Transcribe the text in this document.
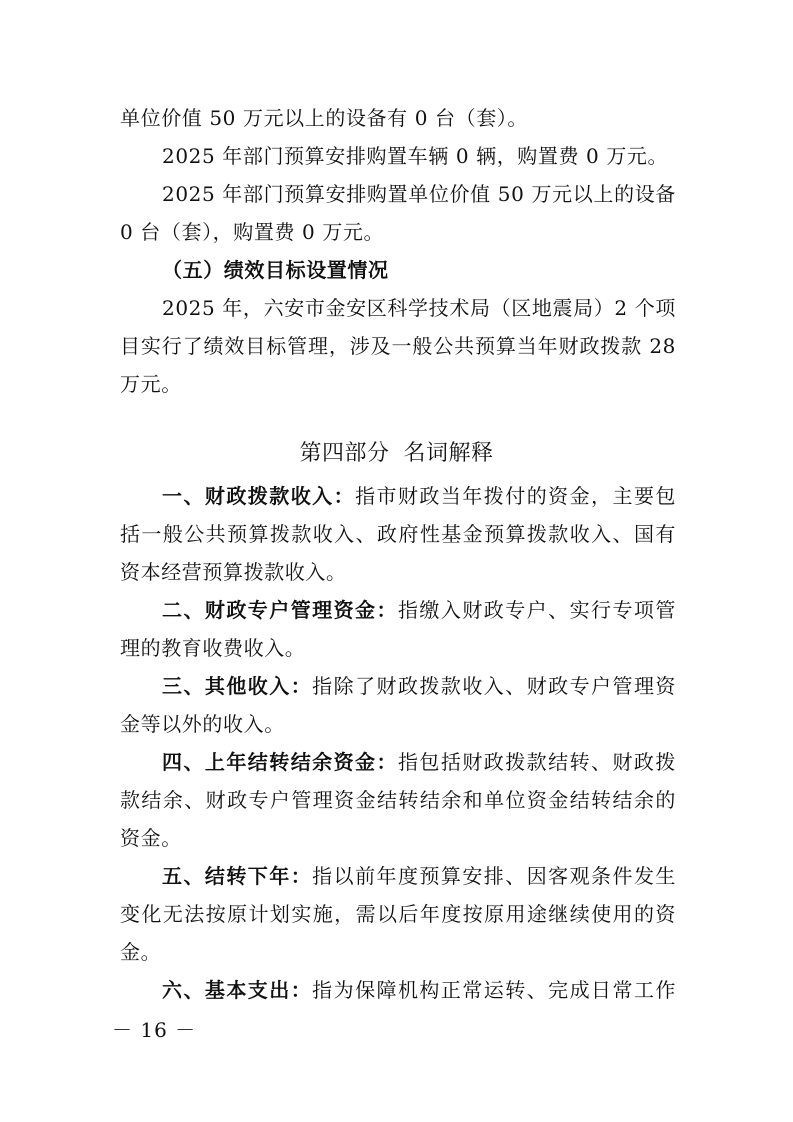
单位价值 50 万元以上的设备有 0 台（套）。
2025 年部门预算安排购置车辆 0 辆，购置费 0 万元。
2025 年部门预算安排购置单位价值 50 万元以上的设备
0 台（套），购置费 0 万元。
（五）绩效目标设置情况
2025 年，六安市金安区科学技术局（区地震局）2 个项
目实行了绩效目标管理，涉及一般公共预算当年财政拨款 28
万元。
第四部分 名词解释
一、财政拨款收入：指市财政当年拨付的资金，主要包
括一般公共预算拨款收入、政府性基金预算拨款收入、国有
资本经营预算拨款收入。
二、财政专户管理资金：指缴入财政专户、实行专项管
理的教育收费收入。
三、其他收入：指除了财政拨款收入、财政专户管理资
金等以外的收入。
四、上年结转结余资金：指包括财政拨款结转、财政拨
款结余、财政专户管理资金结转结余和单位资金结转结余的
资金。
五、结转下年：指以前年度预算安排、因客观条件发生
变化无法按原计划实施，需以后年度按原用途继续使用的资
金。
六、基本支出：指为保障机构正常运转、完成日常工作
－ 16 －
